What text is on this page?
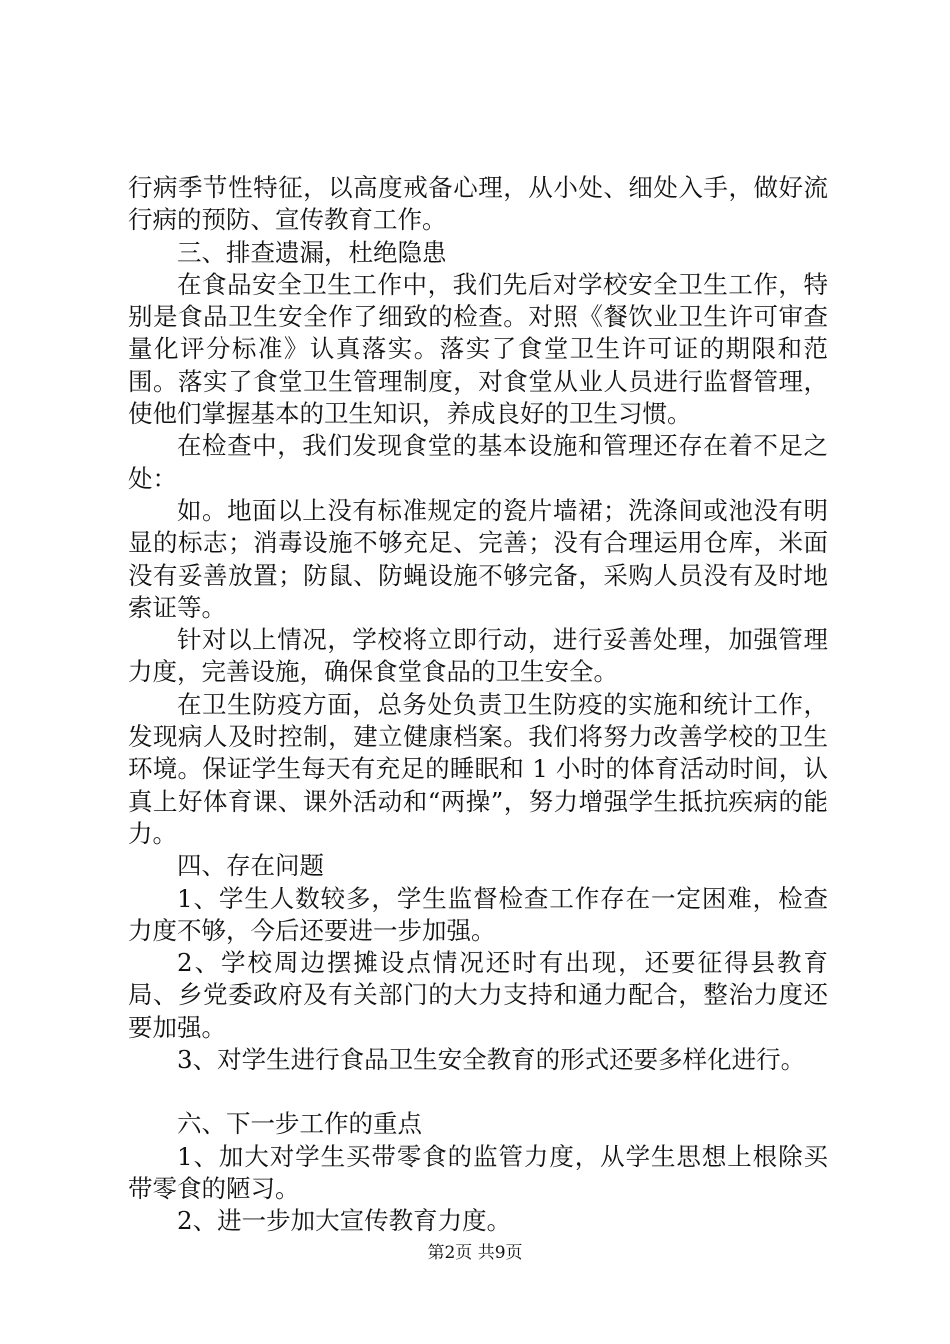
行病季节性特征，以高度戒备心理，从小处、细处入手，做好流行病的预防、宣传教育工作。

三、排查遗漏，杜绝隐患

在食品安全卫生工作中，我们先后对学校安全卫生工作，特别是食品卫生安全作了细致的检查。对照《餐饮业卫生许可审查量化评分标准》认真落实。落实了食堂卫生许可证的期限和范围。落实了食堂卫生管理制度，对食堂从业人员进行监督管理，使他们掌握基本的卫生知识，养成良好的卫生习惯。

在检查中，我们发现食堂的基本设施和管理还存在着不足之处：

如。地面以上没有标准规定的瓷片墙裙；洗涤间或池没有明显的标志；消毒设施不够充足、完善；没有合理运用仓库，米面没有妥善放置；防鼠、防蝇设施不够完备，采购人员没有及时地索证等。

针对以上情况，学校将立即行动，进行妥善处理，加强管理力度，完善设施，确保食堂食品的卫生安全。

在卫生防疫方面，总务处负责卫生防疫的实施和统计工作，发现病人及时控制，建立健康档案。我们将努力改善学校的卫生环境。保证学生每天有充足的睡眠和 1 小时的体育活动时间，认真上好体育课、课外活动和“两操”，努力增强学生抵抗疾病的能力。

四、存在问题

1、学生人数较多，学生监督检查工作存在一定困难，检查力度不够，今后还要进一步加强。

2、学校周边摆摊设点情况还时有出现，还要征得县教育局、乡党委政府及有关部门的大力支持和通力配合，整治力度还要加强。

3、对学生进行食品卫生安全教育的形式还要多样化进行。

六、下一步工作的重点

1、加大对学生买带零食的监管力度，从学生思想上根除买带零食的陋习。

2、进一步加大宣传教育力度。

第2页 共9页
